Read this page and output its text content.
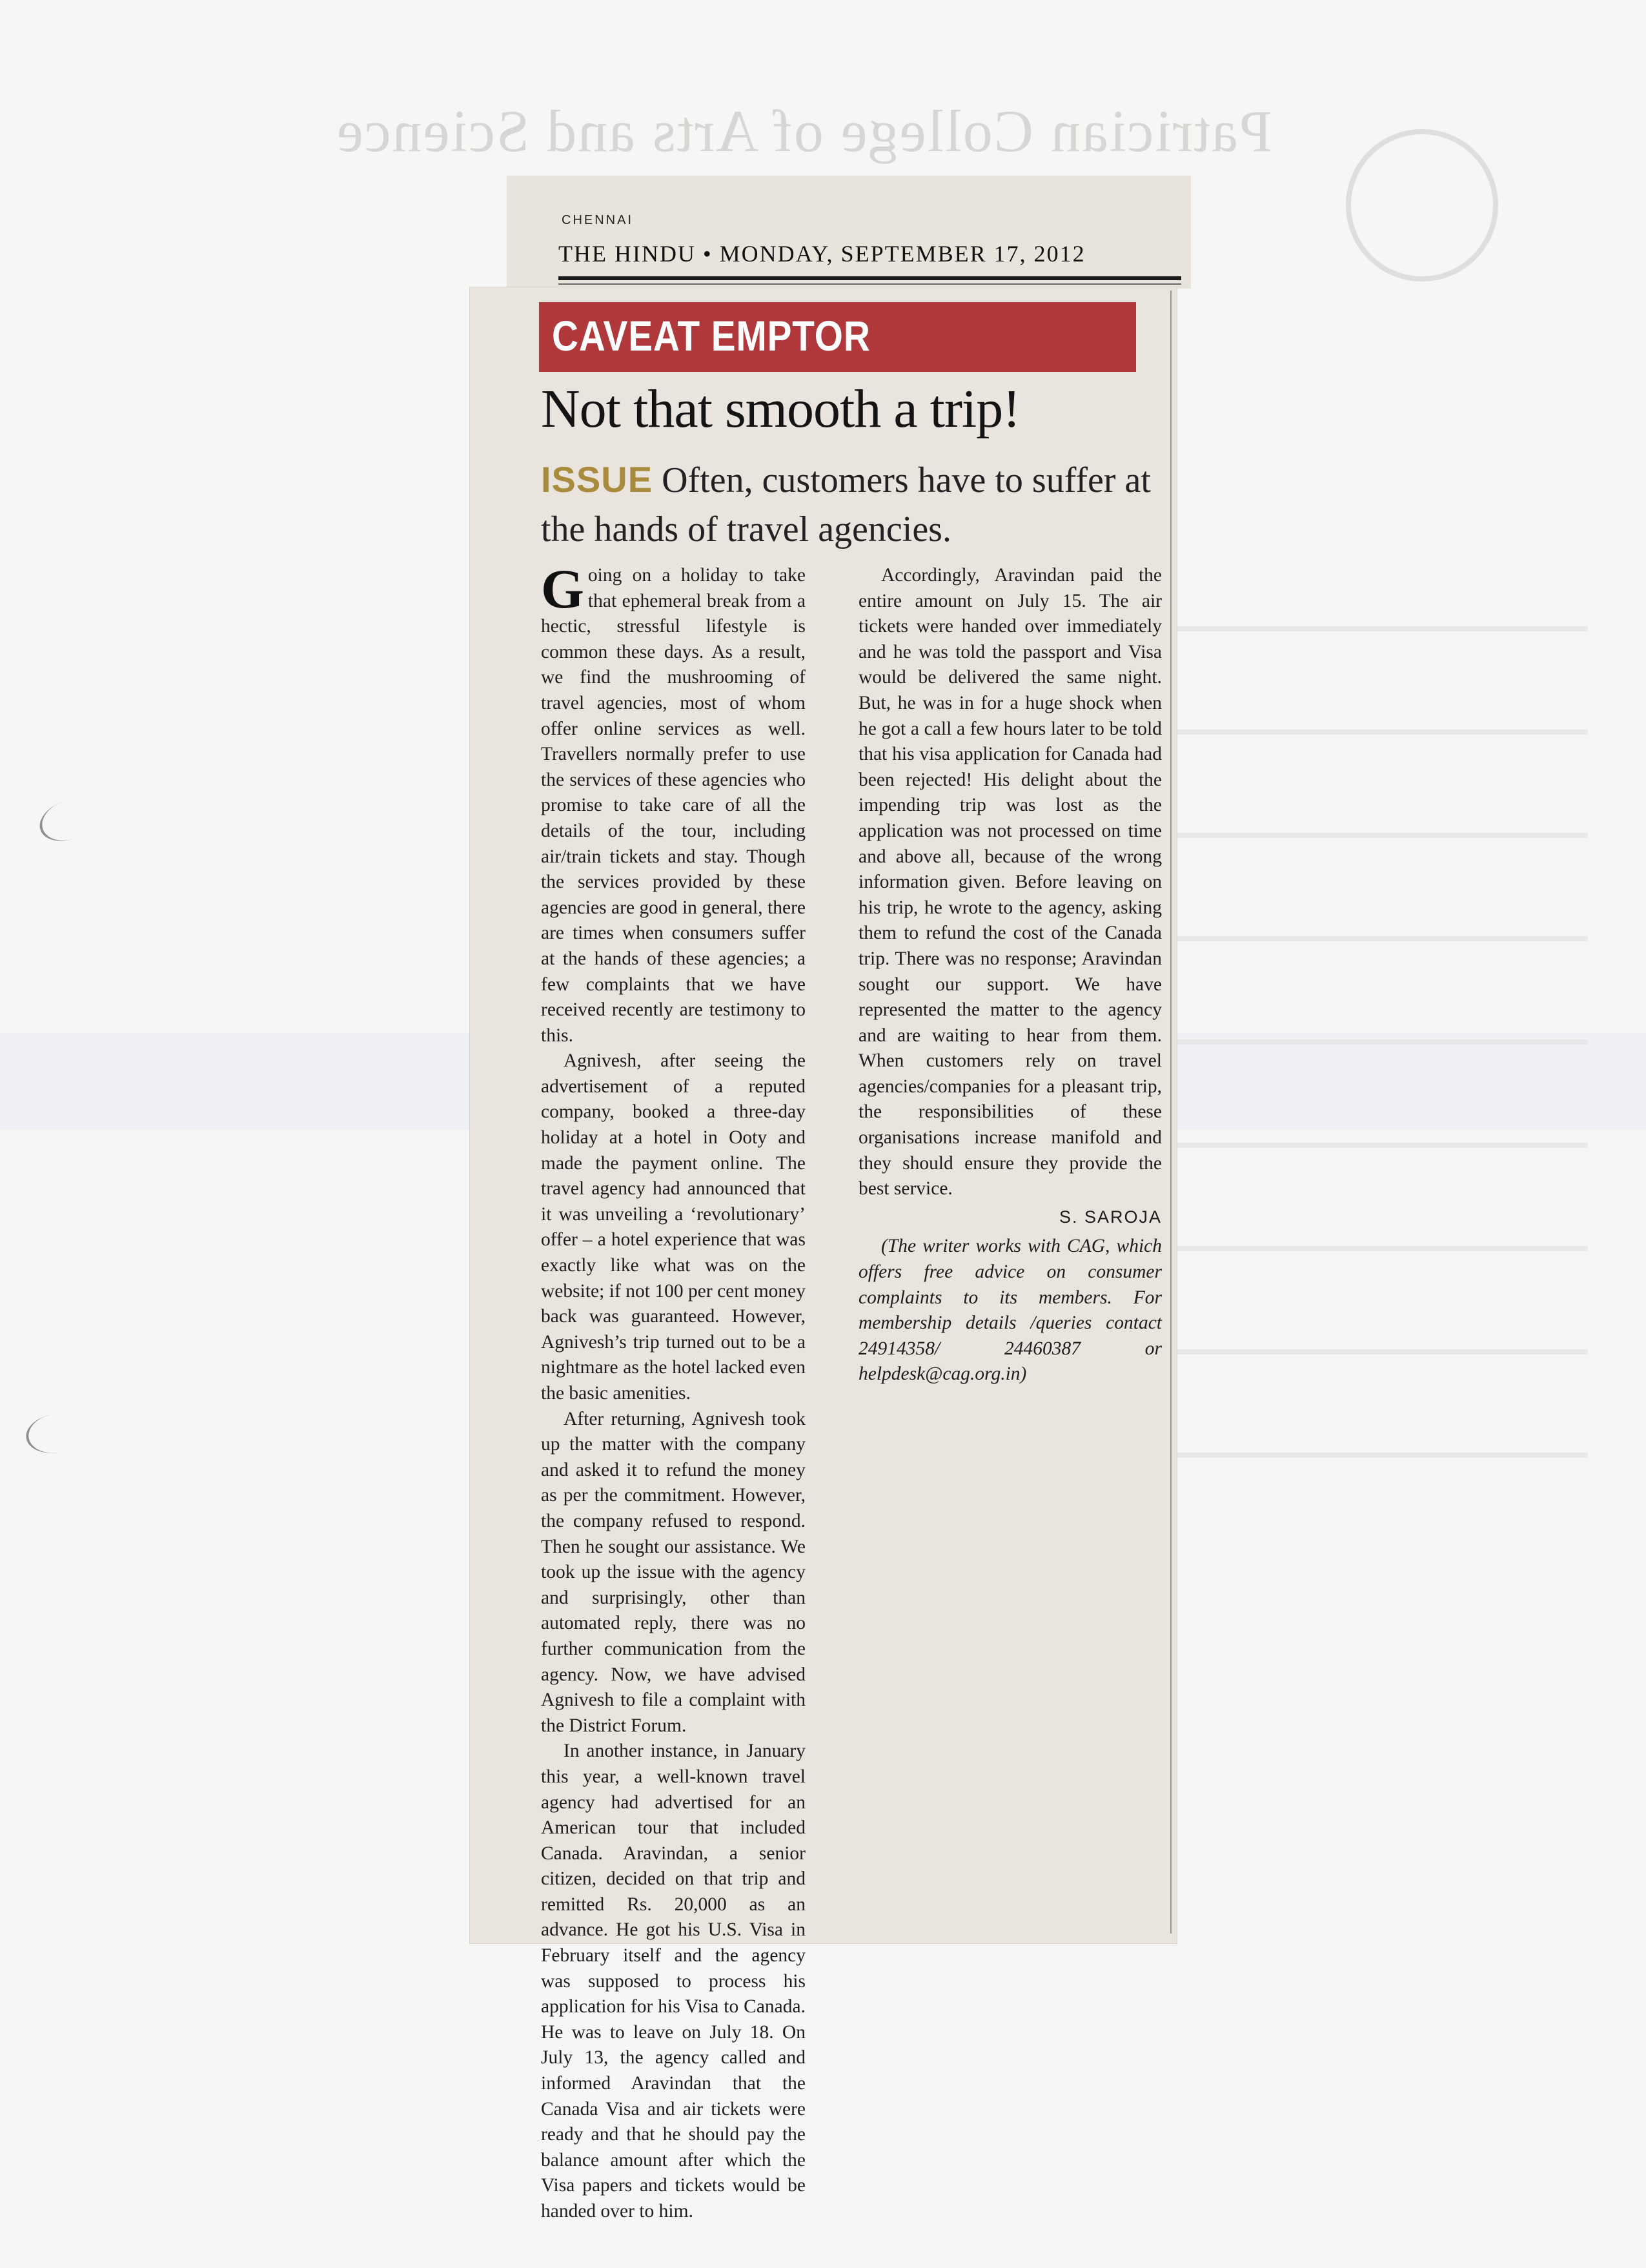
Patrician College of Arts and Science
CHENNAI
THE HINDU • MONDAY, SEPTEMBER 17, 2012
CAVEAT EMPTOR
Not that smooth a trip!
ISSUE Often, customers have to suffer at the hands of travel agencies.

Going on a holiday to take that ephemeral break from a hectic, stressful lifestyle is common these days. As a result, we find the mushrooming of travel agencies, most of whom offer online services as well. Travellers normally prefer to use the services of these agencies who promise to take care of all the details of the tour, including air/train tickets and stay. Though the services provided by these agencies are good in general, there are times when consumers suffer at the hands of these agencies; a few complaints that we have received recently are testimony to this.

Agnivesh, after seeing the advertisement of a reputed company, booked a three-day holiday at a hotel in Ooty and made the payment online. The travel agency had announced that it was unveiling a ‘revolutionary’ offer – a hotel experience that was exactly like what was on the website; if not 100 per cent money back was guaranteed. However, Agnivesh’s trip turned out to be a nightmare as the hotel lacked even the basic amenities.

After returning, Agnivesh took up the matter with the company and asked it to refund the money as per the commitment. However, the company refused to respond. Then he sought our assistance. We took up the issue with the agency and surprisingly, other than automated reply, there was no further communication from the agency. Now, we have advised Agnivesh to file a complaint with the District Forum.

In another instance, in January this year, a well-known travel agency had advertised for an American tour that included Canada. Aravindan, a senior citizen, decided on that trip and remitted Rs. 20,000 as an advance. He got his U.S. Visa in February itself and the agency was supposed to process his application for his Visa to Canada. He was to leave on July 18. On July 13, the agency called and informed Aravindan that the Canada Visa and air tickets were ready and that he should pay the balance amount after which the Visa papers and tickets would be handed over to him.

Accordingly, Aravindan paid the entire amount on July 15. The air tickets were handed over immediately and he was told the passport and Visa would be delivered the same night. But, he was in for a huge shock when he got a call a few hours later to be told that his visa application for Canada had been rejected! His delight about the impending trip was lost as the application was not processed on time and above all, because of the wrong information given. Before leaving on his trip, he wrote to the agency, asking them to refund the cost of the Canada trip. There was no response; Aravindan sought our support. We have represented the matter to the agency and are waiting to hear from them. When customers rely on travel agencies/companies for a pleasant trip, the responsibilities of these organisations increase manifold and they should ensure they provide the best service.

S. SAROJA

(The writer works with CAG, which offers free advice on consumer complaints to its members. For membership details /queries contact 24914358/ 24460387 or helpdesk@cag.org.in)
